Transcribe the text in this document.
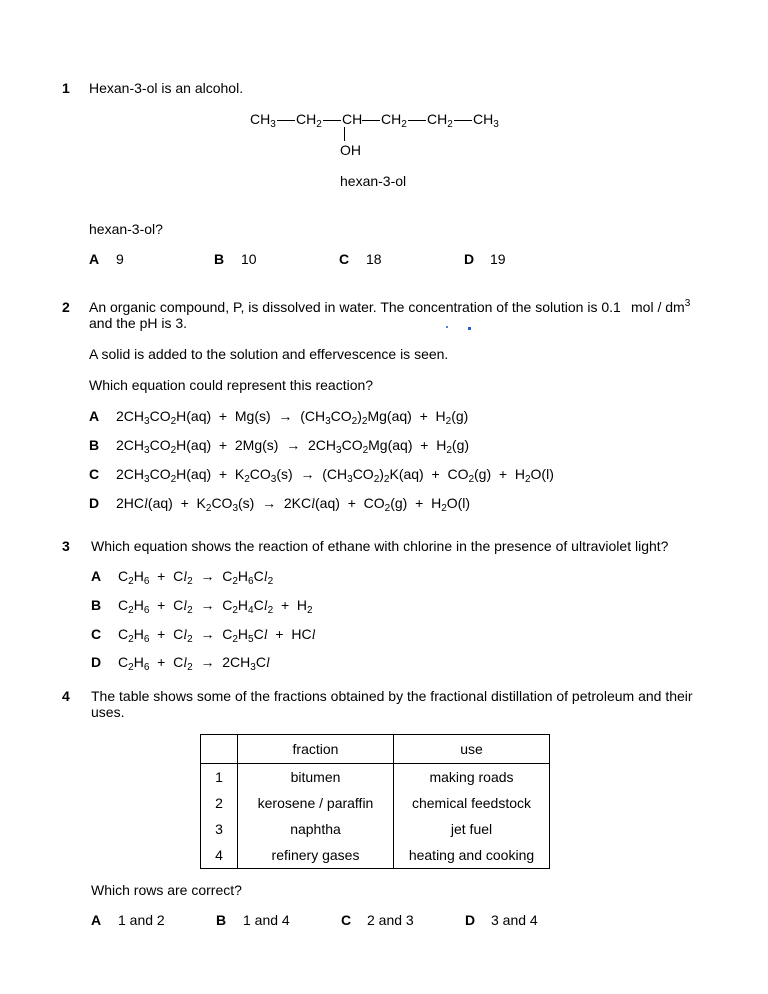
1 Hexan-3-ol is an alcohol.
$CH_3$ $CH_2$ CH $CH_2$ $CH_2$ $CH_3$
OH
hexan-3-ol
hexan-3-ol?
A 9	B 10	C 18	D 19
2 An organic compound, P, is dissolved in water. The concentration of the solution is 0.1 mol / $dm^3$
and the pH is 3.
A solid is added to the solution and effervescence is seen.
Which equation could represent this reaction?
A $2CH_3CO_2H(aq) + Mg(s) \to (CH_3CO_2)_2Mg(aq) + H_2(g)$
B $2CH_3CO_2H(aq) + 2Mg(s) \to 2CH_3CO_2Mg(aq) + H_2(g)$
C $2CH_3CO_2H(aq) + K_2CO_3(s) \to (CH_3CO_2)_2K(aq) + CO_2(g) + H_2O(l)$
D $2HCl(aq) + K_2CO_3(s) \to 2KCl(aq) + CO_2(g) + H_2O(l)$
3 Which equation shows the reaction of ethane with chlorine in the presence of ultraviolet light?
A $C_2H_6 + Cl_2 \to C_2H_6Cl_2$
B $C_2H_6 + Cl_2 \to C_2H_4Cl_2 + H_2$
C $C_2H_6 + Cl_2 \to C_2H_5Cl$  +  HCl
D $C_2H_6 + Cl_2 \to 2CH_3Cl$
4 The table shows some of the fractions obtained by the fractional distillation of petroleum and their
uses.
	fraction	use
1	bitumen	making roads
2	kerosene / paraffin	chemical feedstock
3	naphtha	jet fuel
4	refinery gases	heating and cooking
Which rows are correct?
A 1 and 2	B 1 and 4	C 2 and 3	D 3 and 4
